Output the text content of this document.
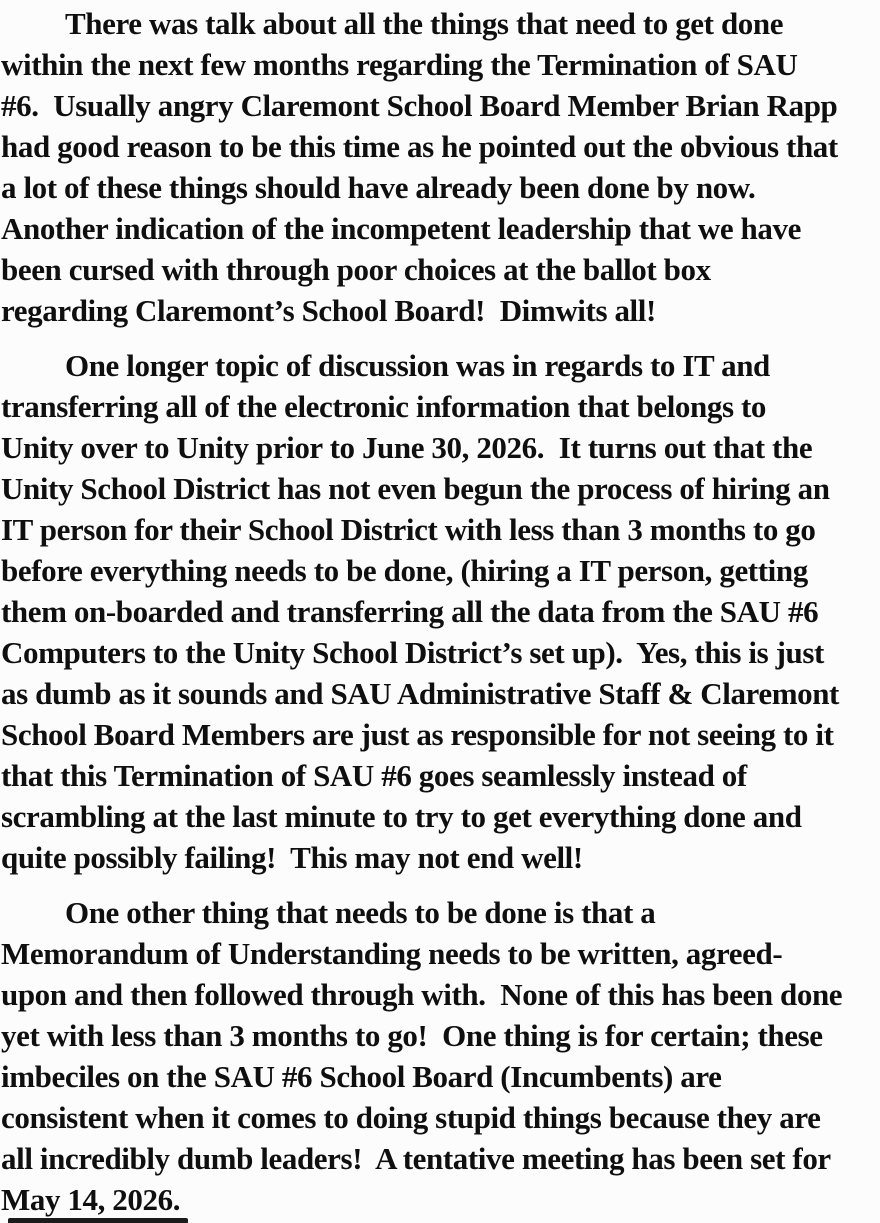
There was talk about all the things that need to get done
within the next few months regarding the Termination of SAU
#6.  Usually angry Claremont School Board Member Brian Rapp
had good reason to be this time as he pointed out the obvious that
a lot of these things should have already been done by now.
Another indication of the incompetent leadership that we have
been cursed with through poor choices at the ballot box
regarding Claremont’s School Board!  Dimwits all!
One longer topic of discussion was in regards to IT and
transferring all of the electronic information that belongs to
Unity over to Unity prior to June 30, 2026.  It turns out that the
Unity School District has not even begun the process of hiring an
IT person for their School District with less than 3 months to go
before everything needs to be done, (hiring a IT person, getting
them on-boarded and transferring all the data from the SAU #6
Computers to the Unity School District’s set up).  Yes, this is just
as dumb as it sounds and SAU Administrative Staff & Claremont
School Board Members are just as responsible for not seeing to it
that this Termination of SAU #6 goes seamlessly instead of
scrambling at the last minute to try to get everything done and
quite possibly failing!  This may not end well!
One other thing that needs to be done is that a
Memorandum of Understanding needs to be written, agreed-
upon and then followed through with.  None of this has been done
yet with less than 3 months to go!  One thing is for certain; these
imbeciles on the SAU #6 School Board (Incumbents) are
consistent when it comes to doing stupid things because they are
all incredibly dumb leaders!  A tentative meeting has been set for
May 14, 2026.
